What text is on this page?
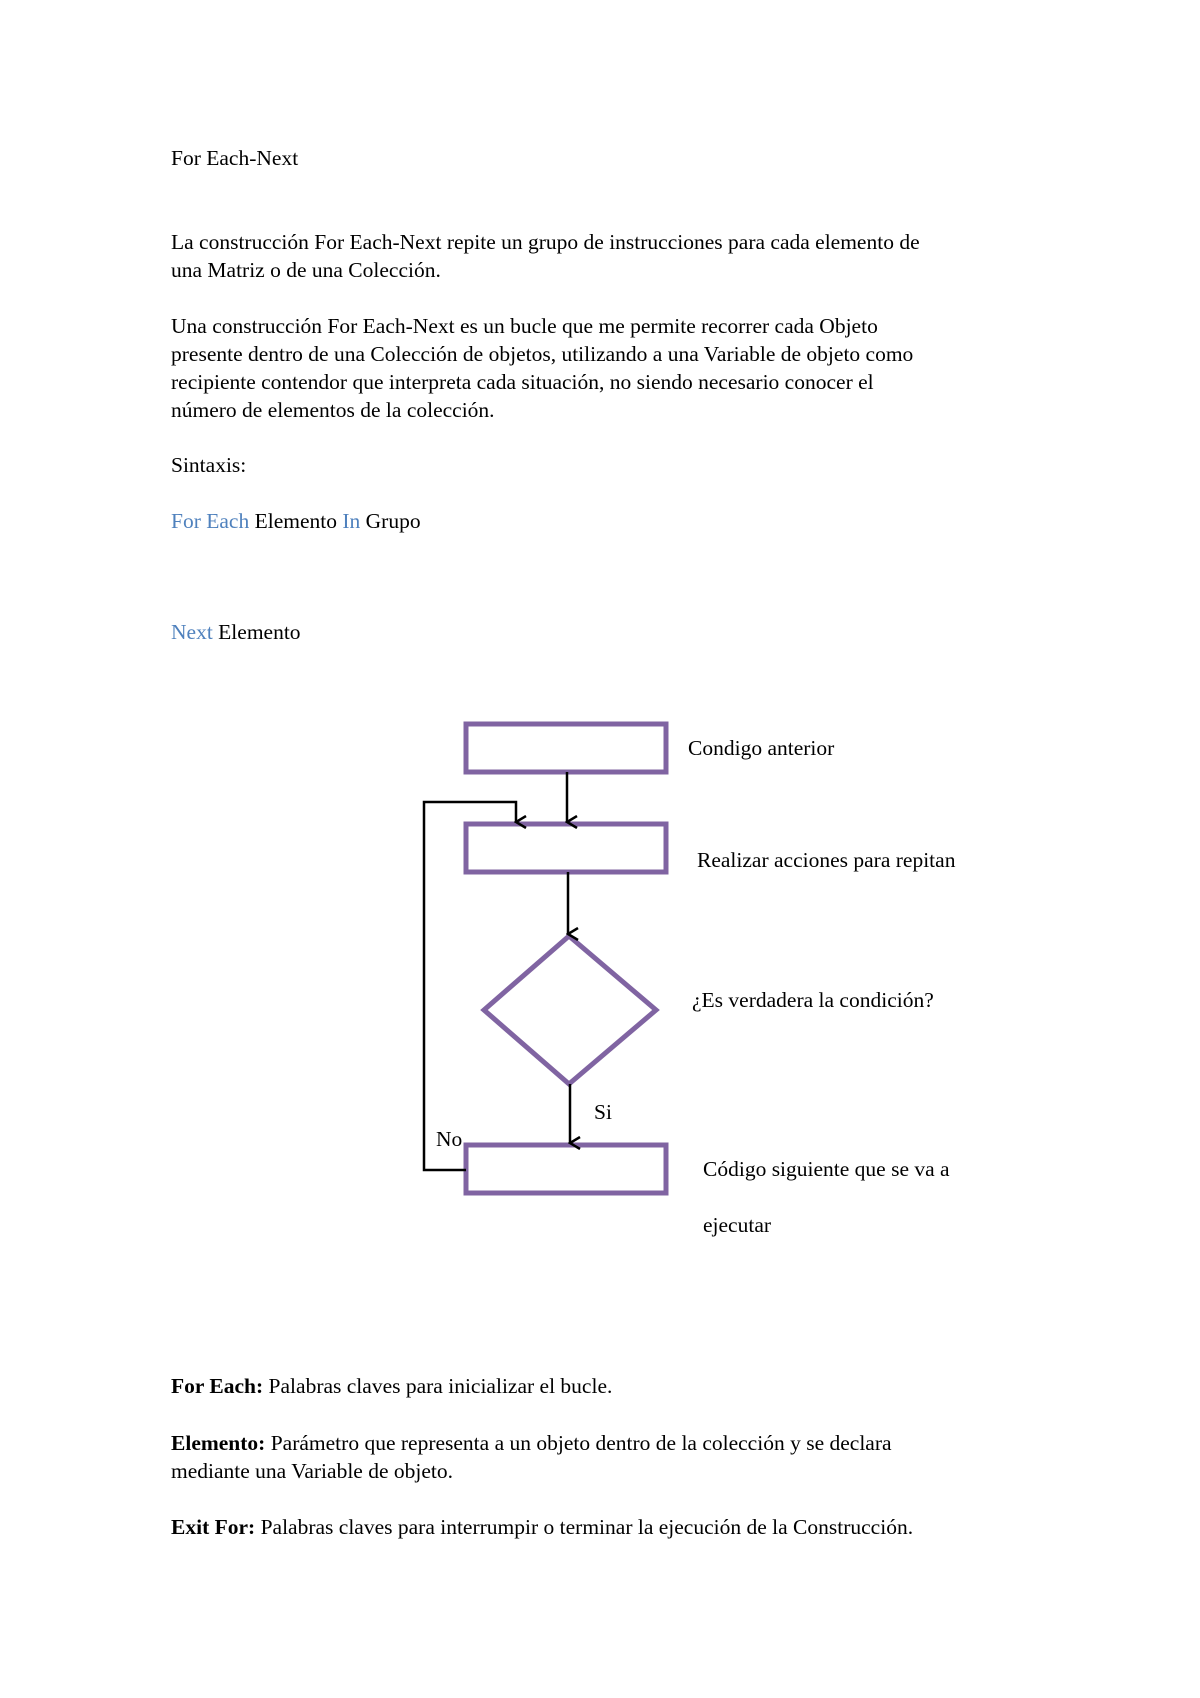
For Each-Next

La construcción For Each-Next repite un grupo de instrucciones para cada elemento de

una Matriz o de una Colección.

Una construcción For Each-Next es un bucle que me permite recorrer cada Objeto

presente dentro de una Colección de objetos, utilizando a una Variable de objeto como

recipiente contendor que interpreta cada situación, no siendo necesario conocer el

número de elementos de la colección.

Sintaxis:

For Each Elemento In Grupo

Next Elemento

Condigo anterior
Realizar acciones para repitan
¿Es verdadera la condición?
Si
No
Código siguiente que se va a
ejecutar

For Each: Palabras claves para inicializar el bucle.

Elemento: Parámetro que representa a un objeto dentro de la colección y se declara

mediante una Variable de objeto.

Exit For: Palabras claves para interrumpir o terminar la ejecución de la Construcción.
